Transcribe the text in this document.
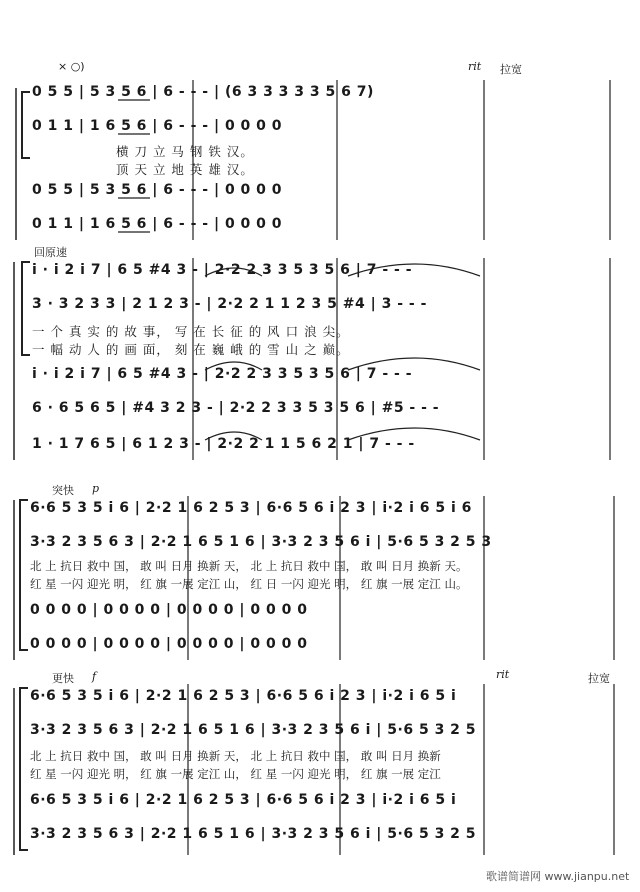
× ○)	rit 拉宽
0 5 5 | 5 3 5 6 | 6 - - - | (6 3 3 3 3 3 5 6 7)
0 1 1 | 1 6 5 6 | 6 - - - | 0 0 0 0
横 刀 立 马 钢 铁 汉。
顶 天 立 地 英 雄 汉。
0 5 5 | 5 3 5 6 | 6 - - - | 0 0 0 0
0 1 1 | 1 6 5 6 | 6 - - - | 0 0 0 0
回原速
i · i 2 i 7 | 6 5 #4 3 - | 2·2 2 3 3 5 3 5 6 | 7 - - -
3 · 3 2 3 3 | 2 1 2 3 - | 2·2 2 1 1 2 3 5 #4 | 3 - - -
一 个 真 实 的 故 事， 写 在 长 征 的 风 口 浪 尖。
一 幅 动 人 的 画 面， 刻 在 巍 峨 的 雪 山 之 巅。
i · i 2 i 7 | 6 5 #4 3 - | 2·2 2 3 3 5 3 5 6 | 7 - - -
6 · 6 5 6 5 | #4 3 2 3 - | 2·2 2 3 3 5 3 5 6 | #5 - - -
1 · 1 7 6 5 | 6 1 2 3 - | 2·2 2 1 1 5 6 2 1 | 7 - - -
突快 p
6·6 5 3 5 i 6 | 2·2 1 6 2 5 3 | 6·6 5 6 i 2 3 | i·2 i 6 5 i 6
3·3 2 3 5 6 3 | 2·2 1 6 5 1 6 | 3·3 2 3 5 6 i | 5·6 5 3 2 5 3
北 上 抗日 救中 国， 敢 叫 日月 换新 天， 北 上 抗日 救中 国， 敢 叫 日月 换新 天。
红 星 一闪 迎光 明， 红 旗 一展 定江 山， 红 日 一闪 迎光 明， 红 旗 一展 定江 山。
0 0 0 0 | 0 0 0 0 | 0 0 0 0 | 0 0 0 0
0 0 0 0 | 0 0 0 0 | 0 0 0 0 | 0 0 0 0
更快 f	rit	拉宽
6·6 5 3 5 i 6 | 2·2 1 6 2 5 3 | 6·6 5 6 i 2 3 | i·2 i 6 5 i
3·3 2 3 5 6 3 | 2·2 1 6 5 1 6 | 3·3 2 3 5 6 i | 5·6 5 3 2 5
北 上 抗日 救中 国， 敢 叫 日月 换新 天， 北 上 抗日 救中 国， 敢 叫 日月 换新
红 星 一闪 迎光 明， 红 旗 一展 定江 山， 红 星 一闪 迎光 明， 红 旗 一展 定江
6·6 5 3 5 i 6 | 2·2 1 6 2 5 3 | 6·6 5 6 i 2 3 | i·2 i 6 5 i
3·3 2 3 5 6 3 | 2·2 1 6 5 1 6 | 3·3 2 3 5 6 i | 5·6 5 3 2 5
歌谱简谱网 www.jianpu.net
